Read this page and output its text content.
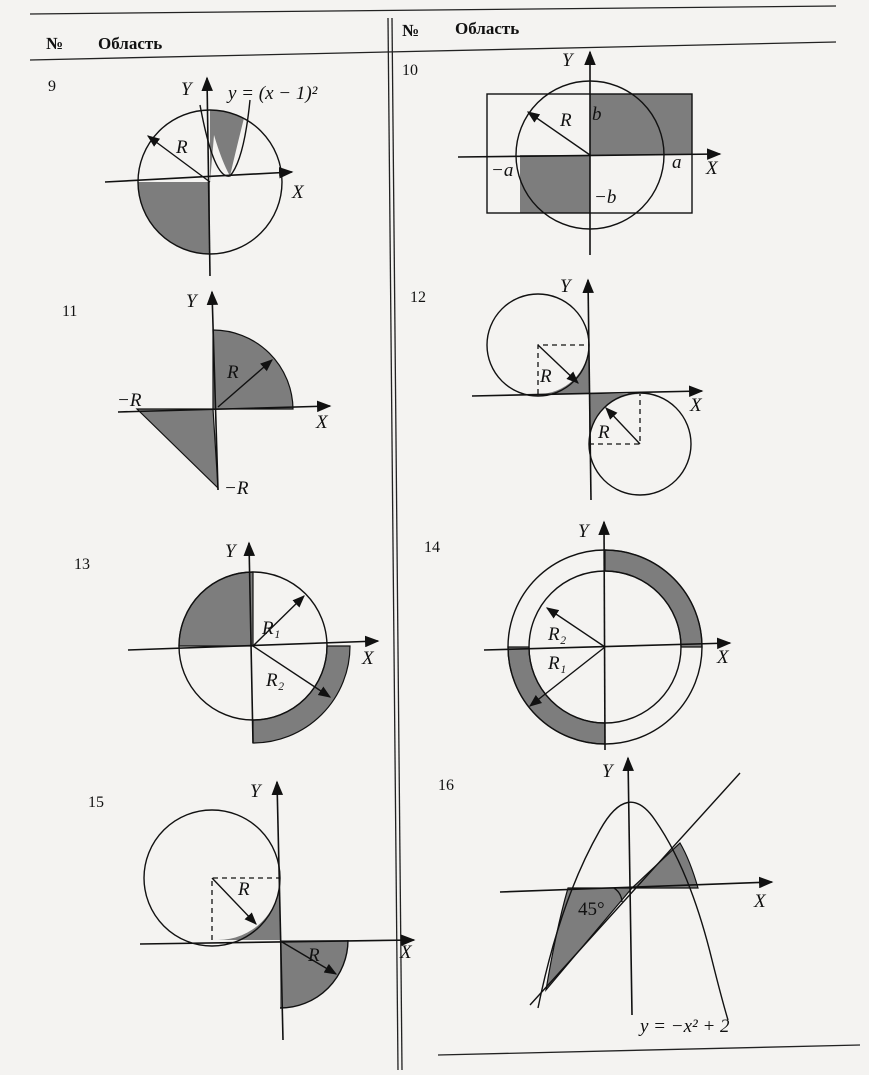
№ Область
№ Область
9
10
11
12
13
14
15
16
Y
X
R
y = (x − 1)²
Y
X
R b
−a	a
−b
Y
X
R
−R
−R
Y
X
R
R
Y
X
R₁
R₂
Y
X
R₂
R₁
Y
X
R
R
Y
X
45°
y = −x² + 2
